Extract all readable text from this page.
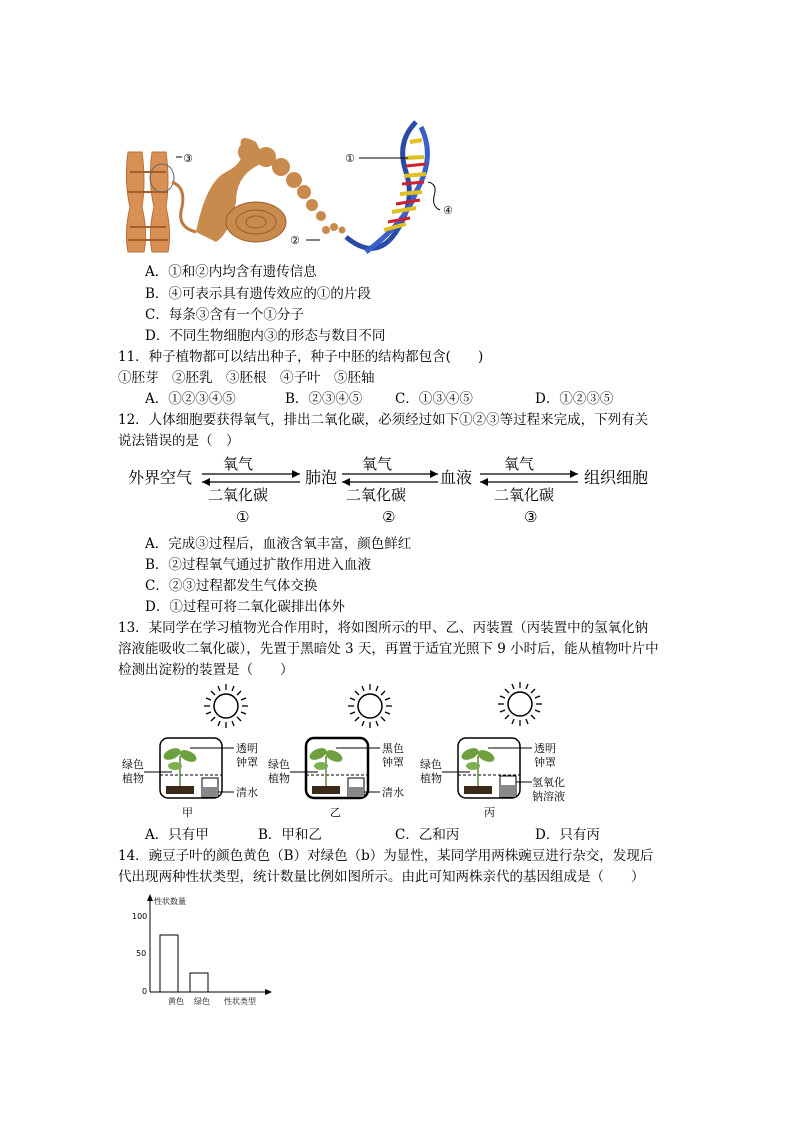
③	①
②
④
A．①和②内均含有遗传信息
B．④可表示具有遗传效应的①的片段
C．每条③含有一个①分子
D．不同生物细胞内③的形态与数目不同
11．种子植物都可以结出种子，种子中胚的结构都包含(　　)
①胚芽　②胚乳　③胚根　④子叶　⑤胚轴
A．①②③④⑤	B．②③④⑤ C．①③④⑤	D．①②③⑤
12．人体细胞要获得氧气，排出二氧化碳，必须经过如下①②③等过程来完成，下列有关
说法错误的是（　）
外界空气	肺泡	血液	组织细胞
氧气
二氧化碳
①
氧气
二氧化碳
②
氧气
二氧化碳
③
A．完成③过程后，血液含氧丰富，颜色鲜红
B．②过程氧气通过扩散作用进入血液
C．②③过程都发生气体交换
D．①过程可将二氧化碳排出体外
13．某同学在学习植物光合作用时，将如图所示的甲、乙、丙装置（丙装置中的氢氧化钠
溶液能吸收二氧化碳），先置于黑暗处 3 天，再置于适宜光照下 9 小时后，能从植物叶片中
检测出淀粉的装置是（　　）
绿色
植物
透明
钟罩
清水
甲
绿色
植物
黑色
钟罩
清水
乙
绿色
植物
透明
钟罩
氢氧化
钠溶液
丙
A．只有甲	B．甲和乙	C．乙和丙	D．只有丙
14．豌豆子叶的颜色黄色（B）对绿色（b）为显性，某同学用两株豌豆进行杂交，发现后
代出现两种性状类型，统计数量比例如图所示。由此可知两株亲代的基因组成是（　　）
性状数量
100
50
0
黄色 绿色 性状类型
